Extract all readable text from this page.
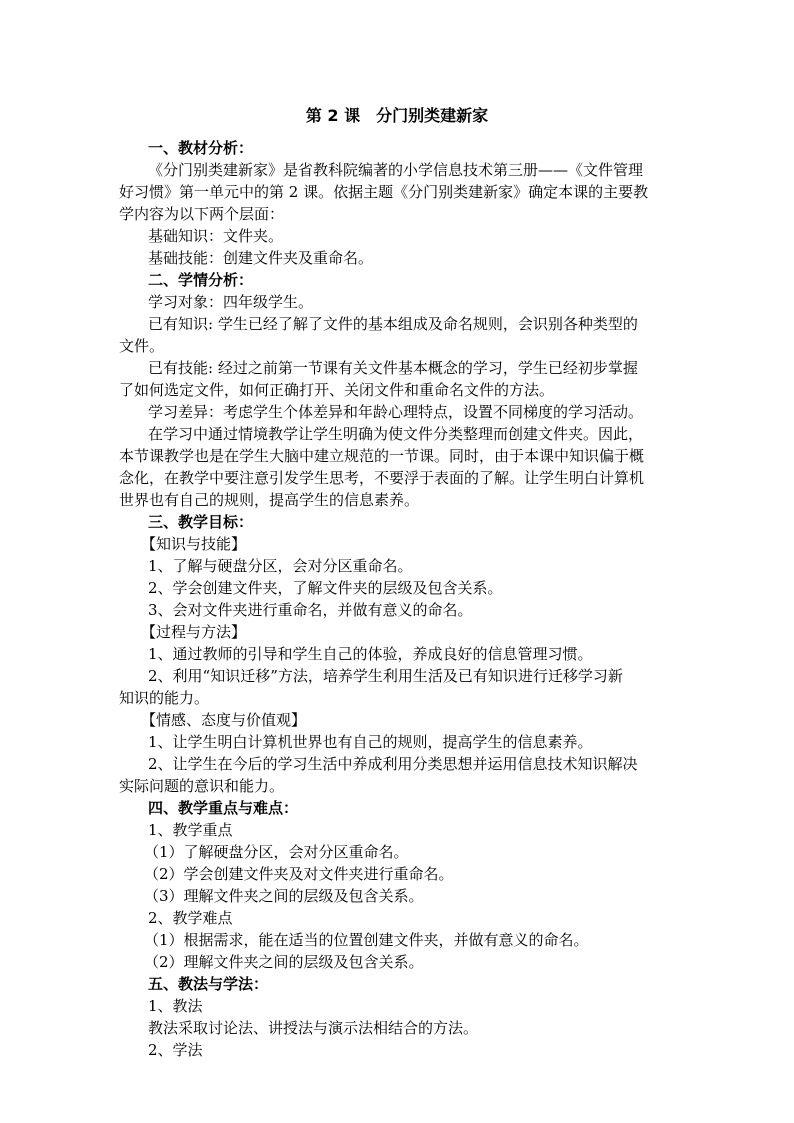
第 2 课　分门别类建新家
一、教材分析：
《分门别类建新家》是省教科院编著的小学信息技术第三册——《文件管理
好习惯》第一单元中的第 2 课。依据主题《分门别类建新家》确定本课的主要教
学内容为以下两个层面：
基础知识：文件夹。
基础技能：创建文件夹及重命名。
二、学情分析：
学习对象：四年级学生。
已有知识: 学生已经了解了文件的基本组成及命名规则，会识别各种类型的
文件。
已有技能: 经过之前第一节课有关文件基本概念的学习，学生已经初步掌握
了如何选定文件，如何正确打开、关闭文件和重命名文件的方法。
学习差异：考虑学生个体差异和年龄心理特点，设置不同梯度的学习活动。
在学习中通过情境教学让学生明确为使文件分类整理而创建文件夹。因此，
本节课教学也是在学生大脑中建立规范的一节课。同时，由于本课中知识偏于概
念化，在教学中要注意引发学生思考，不要浮于表面的了解。让学生明白计算机
世界也有自己的规则，提高学生的信息素养。
三、教学目标：
【知识与技能】
1、了解与硬盘分区，会对分区重命名。
2、学会创建文件夹，了解文件夹的层级及包含关系。
3、会对文件夹进行重命名，并做有意义的命名。
【过程与方法】
1、通过教师的引导和学生自己的体验，养成良好的信息管理习惯。
2、利用“知识迁移”方法，培养学生利用生活及已有知识进行迁移学习新
知识的能力。
【情感、态度与价值观】
1、让学生明白计算机世界也有自己的规则，提高学生的信息素养。
2、让学生在今后的学习生活中养成利用分类思想并运用信息技术知识解决
实际问题的意识和能力。
四、教学重点与难点：
1、教学重点
（1）了解硬盘分区，会对分区重命名。
（2）学会创建文件夹及对文件夹进行重命名。
（3）理解文件夹之间的层级及包含关系。
2、教学难点
（1）根据需求，能在适当的位置创建文件夹，并做有意义的命名。
（2）理解文件夹之间的层级及包含关系。
五、教法与学法：
1、教法
教法采取讨论法、讲授法与演示法相结合的方法。
2、学法
